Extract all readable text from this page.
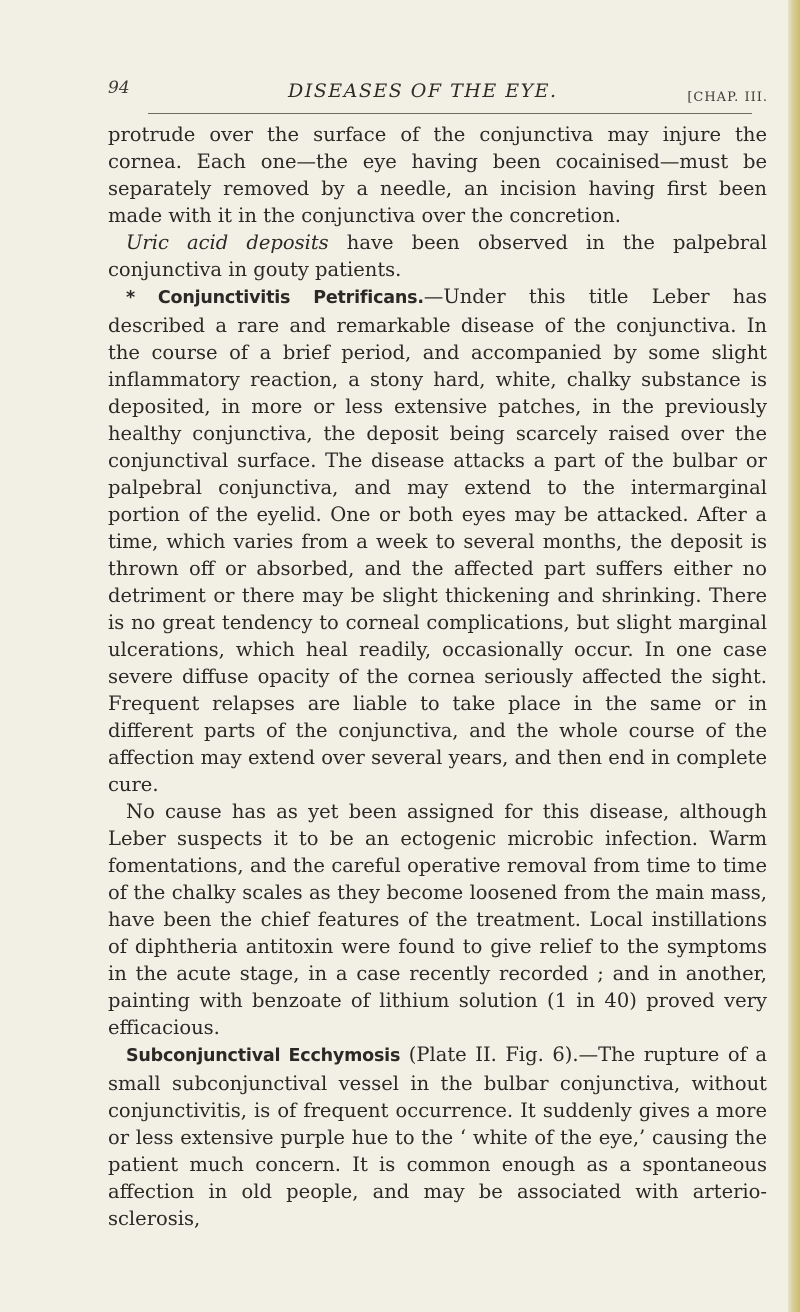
94	DISEASES OF THE EYE.	[CHAP. III.

protrude over the surface of the conjunctiva may injure the cornea. Each one—the eye having been cocainised—must be separately removed by a needle, an incision having first been made with it in the conjunctiva over the concretion.

Uric acid deposits have been observed in the palpebral conjunctiva in gouty patients.

* Conjunctivitis Petrificans.—Under this title Leber has described a rare and remarkable disease of the conjunctiva. In the course of a brief period, and accompanied by some slight inflammatory reaction, a stony hard, white, chalky substance is deposited, in more or less extensive patches, in the previously healthy conjunctiva, the deposit being scarcely raised over the conjunctival surface. The disease attacks a part of the bulbar or palpebral conjunctiva, and may extend to the intermarginal portion of the eyelid. One or both eyes may be attacked. After a time, which varies from a week to several months, the deposit is thrown off or absorbed, and the affected part suffers either no detriment or there may be slight thickening and shrinking. There is no great tendency to corneal complications, but slight marginal ulcerations, which heal readily, occasionally occur. In one case severe diffuse opacity of the cornea seriously affected the sight. Frequent relapses are liable to take place in the same or in different parts of the conjunctiva, and the whole course of the affection may extend over several years, and then end in complete cure.

No cause has as yet been assigned for this disease, although Leber suspects it to be an ectogenic microbic infection. Warm fomentations, and the careful operative removal from time to time of the chalky scales as they become loosened from the main mass, have been the chief features of the treatment. Local instillations of diphtheria antitoxin were found to give relief to the symptoms in the acute stage, in a case recently recorded ; and in another, painting with benzoate of lithium solution (1 in 40) proved very efficacious.

Subconjunctival Ecchymosis (Plate II. Fig. 6).—The rupture of a small subconjunctival vessel in the bulbar conjunctiva, without conjunctivitis, is of frequent occurrence. It suddenly gives a more or less extensive purple hue to the ‘ white of the eye,’ causing the patient much concern. It is common enough as a spontaneous affection in old people, and may be associated with arterio-sclerosis,
